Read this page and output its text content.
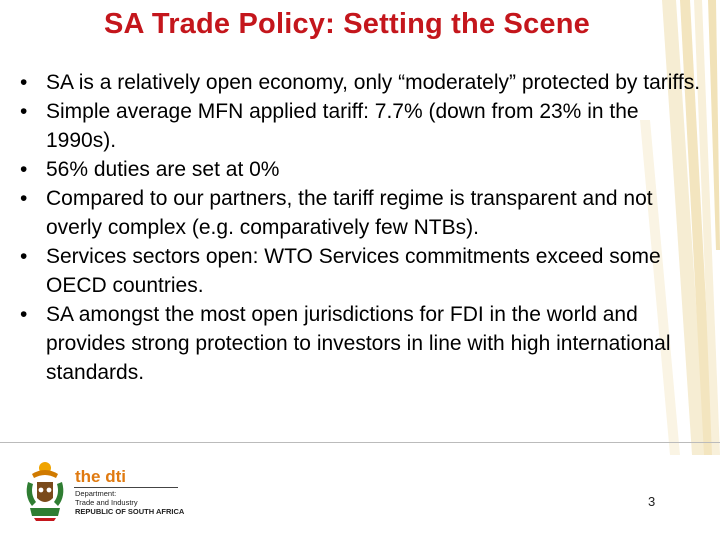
SA Trade Policy: Setting the Scene
• SA is a relatively open economy, only “moderately” protected by tariffs.
• Simple average MFN applied tariff: 7.7% (down from 23% in the 1990s).
• 56% duties are set at 0%
• Compared to our partners, the tariff regime is transparent and not overly complex (e.g. comparatively few NTBs).
• Services sectors open: WTO Services commitments exceed some OECD countries.
• SA amongst the most open jurisdictions for FDI in the world and provides strong protection to investors in line with high international standards.
the dti
Department:
Trade and Industry
REPUBLIC OF SOUTH AFRICA
3
